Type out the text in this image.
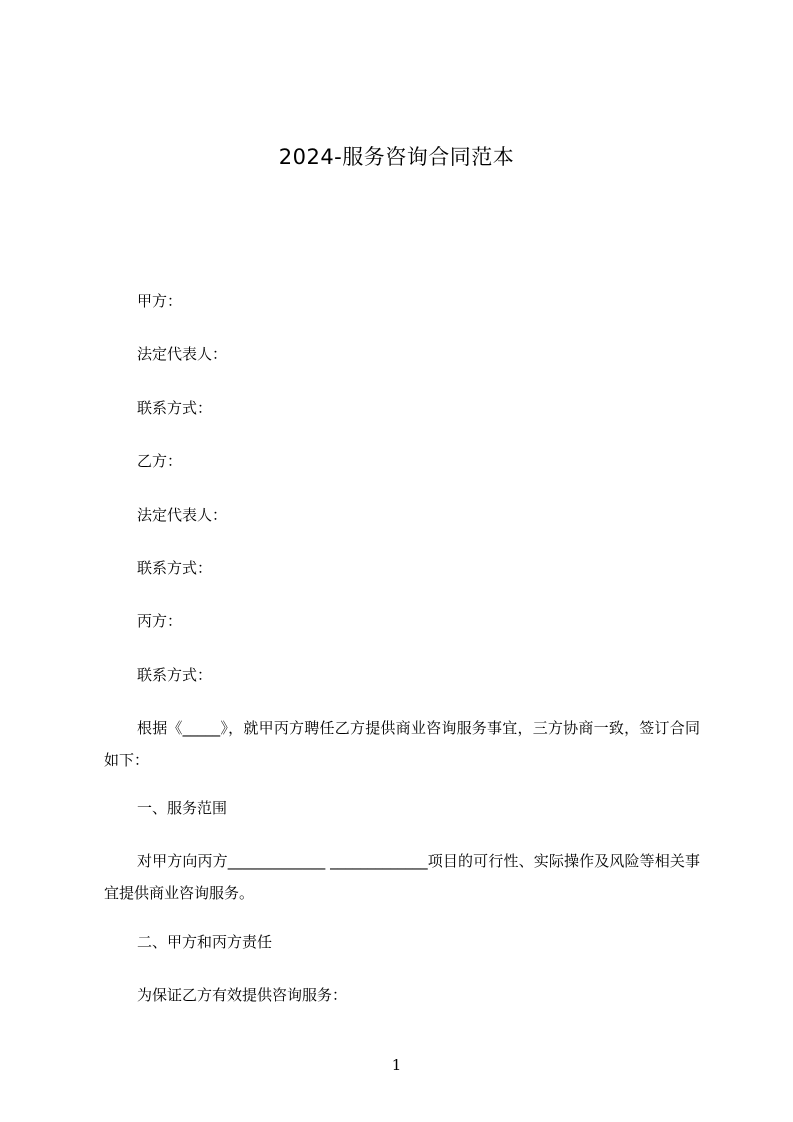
2024-服务咨询合同范本
甲方：
法定代表人：
联系方式：
乙方：
法定代表人：
联系方式：
丙方：
联系方式：
根据《_____》，就甲丙方聘任乙方提供商业咨询服务事宜，三方协商一致，签订合同如下：
一、服务范围
对甲方向丙方_____________ _____________项目的可行性、实际操作及风险等相关事宜提供商业咨询服务。
二、甲方和丙方责任
为保证乙方有效提供咨询服务：
1
